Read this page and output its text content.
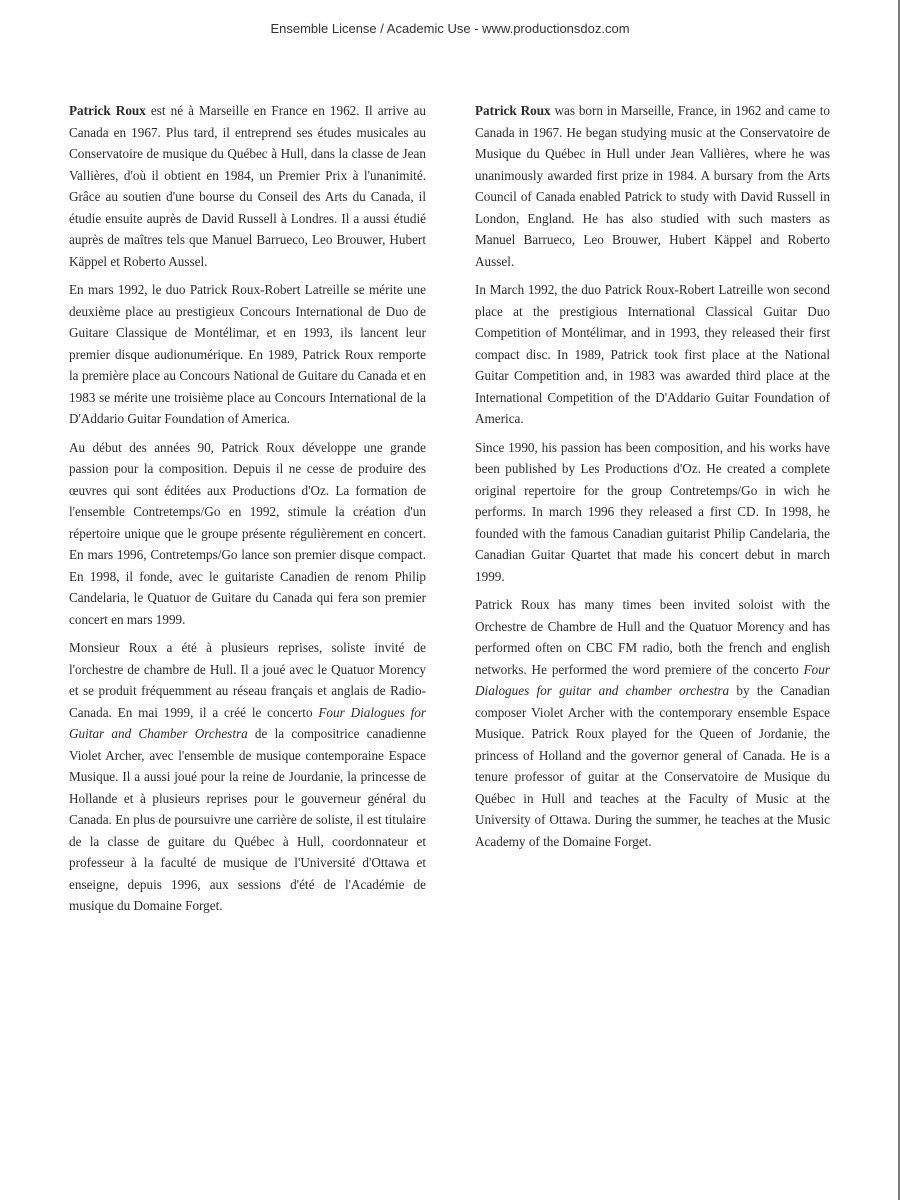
Ensemble License / Academic Use - www.productionsdoz.com

Patrick Roux est né à Marseille en France en 1962. Il arrive au Canada en 1967. Plus tard, il entreprend ses études musicales au Conservatoire de musique du Québec à Hull, dans la classe de Jean Vallières, d'où il obtient en 1984, un Premier Prix à l'unanimité. Grâce au soutien d'une bourse du Conseil des Arts du Canada, il étudie ensuite auprès de David Russell à Londres. Il a aussi étudié auprès de maîtres tels que Manuel Barrueco, Leo Brouwer, Hubert Käppel et Roberto Aussel.

En mars 1992, le duo Patrick Roux-Robert Latreille se mérite une deuxième place au prestigieux Concours International de Duo de Guitare Classique de Montélimar, et en 1993, ils lancent leur premier disque audionumérique. En 1989, Patrick Roux remporte la première place au Concours National de Guitare du Canada et en 1983 se mérite une troisième place au Concours International de la D'Addario Guitar Foundation of America.

Au début des années 90, Patrick Roux développe une grande passion pour la composition. Depuis il ne cesse de produire des œuvres qui sont éditées aux Productions d'Oz. La formation de l'ensemble Contretemps/Go en 1992, stimule la création d'un répertoire unique que le groupe présente régulièrement en concert. En mars 1996, Contretemps/Go lance son premier disque compact. En 1998, il fonde, avec le guitariste Canadien de renom Philip Candelaria, le Quatuor de Guitare du Canada qui fera son premier concert en mars 1999.

Monsieur Roux a été à plusieurs reprises, soliste invité de l'orchestre de chambre de Hull. Il a joué avec le Quatuor Morency et se produit fréquemment au réseau français et anglais de Radio-Canada. En mai 1999, il a créé le concerto Four Dialogues for Guitar and Chamber Orchestra de la compositrice canadienne Violet Archer, avec l'ensemble de musique contemporaine Espace Musique. Il a aussi joué pour la reine de Jourdanie, la princesse de Hollande et à plusieurs reprises pour le gouverneur général du Canada. En plus de poursuivre une carrière de soliste, il est titulaire de la classe de guitare du Québec à Hull, coordonnateur et professeur à la faculté de musique de l'Université d'Ottawa et enseigne, depuis 1996, aux sessions d'été de l'Académie de musique du Domaine Forget.

Patrick Roux was born in Marseille, France, in 1962 and came to Canada in 1967. He began studying music at the Conservatoire de Musique du Québec in Hull under Jean Vallières, where he was unanimously awarded first prize in 1984. A bursary from the Arts Council of Canada enabled Patrick to study with David Russell in London, England. He has also studied with such masters as Manuel Barrueco, Leo Brouwer, Hubert Käppel and Roberto Aussel.

In March 1992, the duo Patrick Roux-Robert Latreille won second place at the prestigious International Classical Guitar Duo Competition of Montélimar, and in 1993, they released their first compact disc. In 1989, Patrick took first place at the National Guitar Competition and, in 1983 was awarded third place at the International Competition of the D'Addario Guitar Foundation of America.

Since 1990, his passion has been composition, and his works have been published by Les Productions d'Oz. He created a complete original repertoire for the group Contretemps/Go in wich he performs. In march 1996 they released a first CD. In 1998, he founded with the famous Canadian guitarist Philip Candelaria, the Canadian Guitar Quartet that made his concert debut in march 1999.

Patrick Roux has many times been invited soloist with the Orchestre de Chambre de Hull and the Quatuor Morency and has performed often on CBC FM radio, both the french and english networks. He performed the word premiere of the concerto Four Dialogues for guitar and chamber orchestra by the Canadian composer Violet Archer with the contemporary ensemble Espace Musique. Patrick Roux played for the Queen of Jordanie, the princess of Holland and the governor general of Canada. He is a tenure professor of guitar at the Conservatoire de Musique du Québec in Hull and teaches at the Faculty of Music at the University of Ottawa. During the summer, he teaches at the Music Academy of the Domaine Forget.
